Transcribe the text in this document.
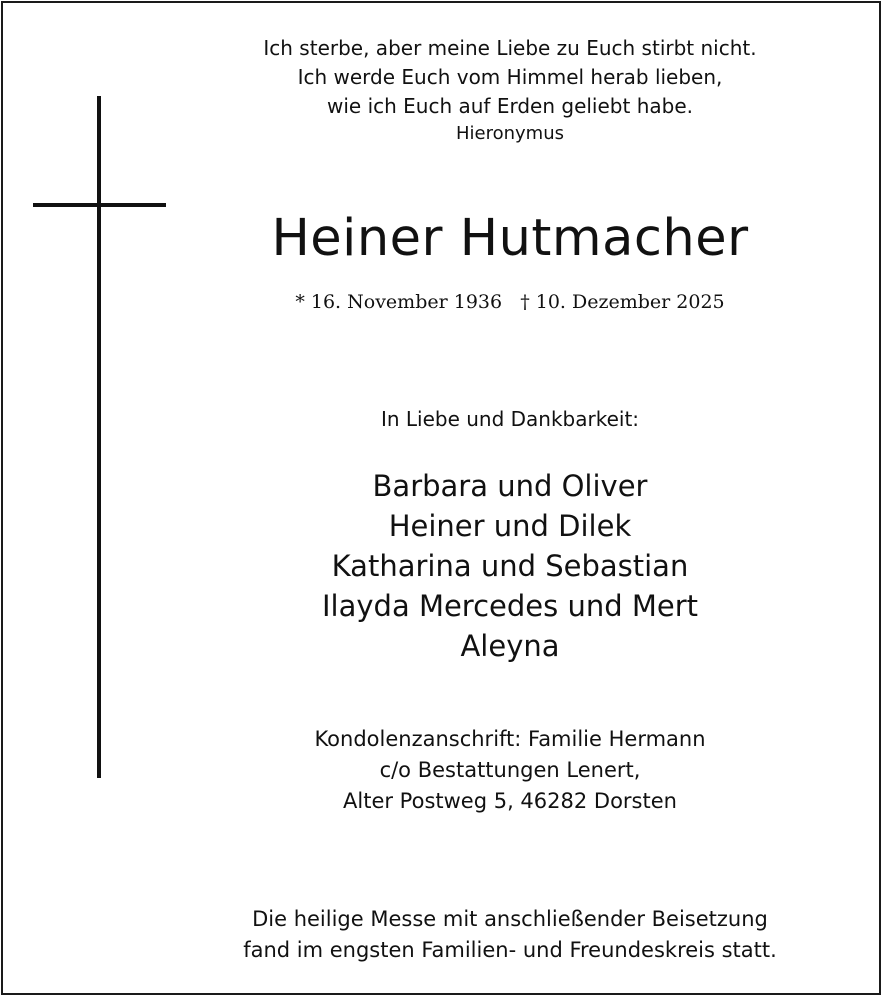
Ich sterbe, aber meine Liebe zu Euch stirbt nicht.
Ich werde Euch vom Himmel herab lieben,
wie ich Euch auf Erden geliebt habe.
Hieronymus
Heiner Hutmacher
* 16. November 1936 † 10. Dezember 2025
In Liebe und Dankbarkeit:
Barbara und Oliver
Heiner und Dilek
Katharina und Sebastian
Ilayda Mercedes und Mert
Aleyna
Kondolenzanschrift: Familie Hermann
c/o Bestattungen Lenert,
Alter Postweg 5, 46282 Dorsten
Die heilige Messe mit anschließender Beisetzung
fand im engsten Familien- und Freundeskreis statt.
